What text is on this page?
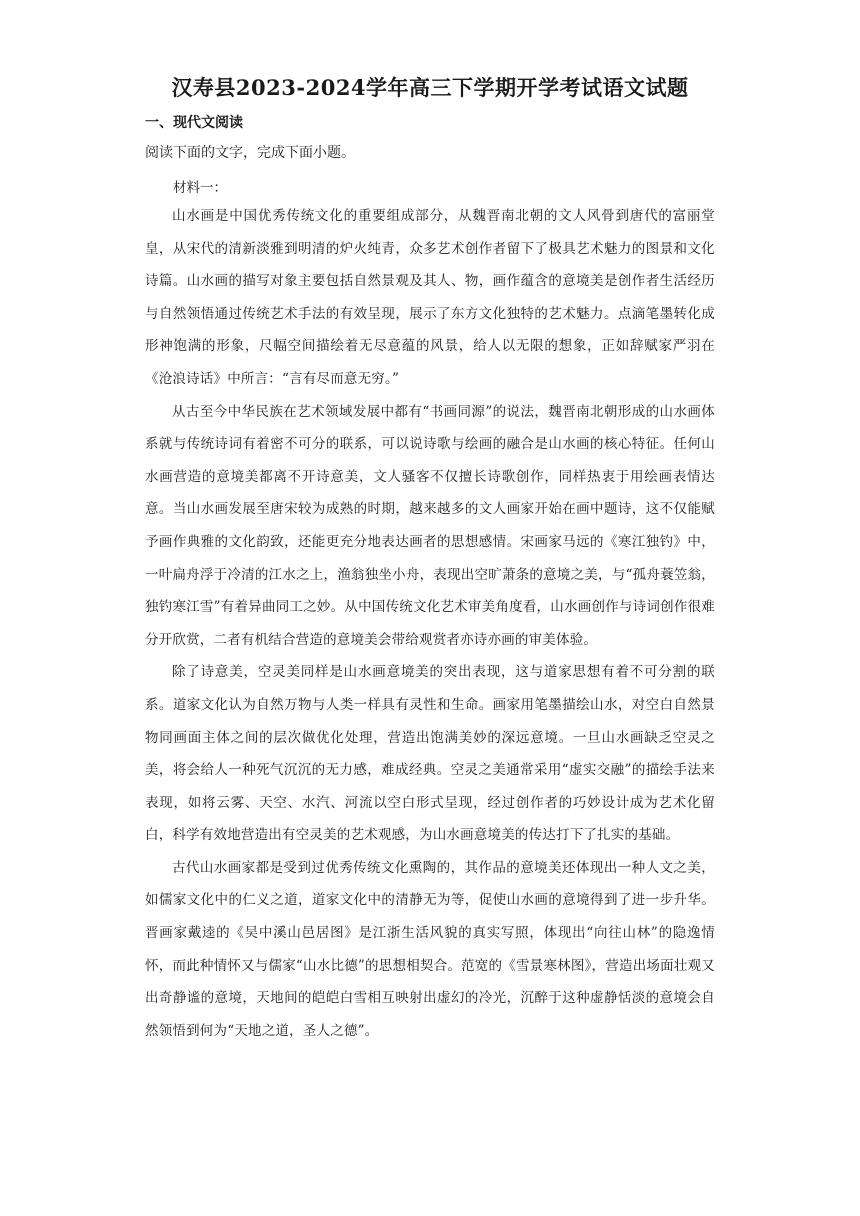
汉寿县2023-2024学年高三下学期开学考试语文试题
一、现代文阅读
阅读下面的文字，完成下面小题。
材料一：

山水画是中国优秀传统文化的重要组成部分，从魏晋南北朝的文人风骨到唐代的富丽堂皇，从宋代的清新淡雅到明清的炉火纯青，众多艺术创作者留下了极具艺术魅力的图景和文化诗篇。山水画的描写对象主要包括自然景观及其人、物，画作蕴含的意境美是创作者生活经历与自然领悟通过传统艺术手法的有效呈现，展示了东方文化独特的艺术魅力。点滴笔墨转化成形神饱满的形象，尺幅空间描绘着无尽意蕴的风景，给人以无限的想象，正如辞赋家严羽在《沧浪诗话》中所言：“言有尽而意无穷。”

从古至今中华民族在艺术领域发展中都有“书画同源”的说法，魏晋南北朝形成的山水画体系就与传统诗词有着密不可分的联系，可以说诗歌与绘画的融合是山水画的核心特征。任何山水画营造的意境美都离不开诗意美，文人骚客不仅擅长诗歌创作，同样热衷于用绘画表情达意。当山水画发展至唐宋较为成熟的时期，越来越多的文人画家开始在画中题诗，这不仅能赋予画作典雅的文化韵致，还能更充分地表达画者的思想感情。宋画家马远的《寒江独钓》中，一叶扁舟浮于冷清的江水之上，渔翁独坐小舟，表现出空旷萧条的意境之美，与“孤舟蓑笠翁，独钓寒江雪”有着异曲同工之妙。从中国传统文化艺术审美角度看，山水画创作与诗词创作很难分开欣赏，二者有机结合营造的意境美会带给观赏者亦诗亦画的审美体验。

除了诗意美，空灵美同样是山水画意境美的突出表现，这与道家思想有着不可分割的联系。道家文化认为自然万物与人类一样具有灵性和生命。画家用笔墨描绘山水，对空白自然景物同画面主体之间的层次做优化处理，营造出饱满美妙的深远意境。一旦山水画缺乏空灵之美，将会给人一种死气沉沉的无力感，难成经典。空灵之美通常采用“虚实交融”的描绘手法来表现，如将云雾、天空、水汽、河流以空白形式呈现，经过创作者的巧妙设计成为艺术化留白，科学有效地营造出有空灵美的艺术观感，为山水画意境美的传达打下了扎实的基础。

古代山水画家都是受到过优秀传统文化熏陶的，其作品的意境美还体现出一种人文之美，如儒家文化中的仁义之道，道家文化中的清静无为等，促使山水画的意境得到了进一步升华。晋画家戴逵的《吴中溪山邑居图》是江浙生活风貌的真实写照，体现出“向往山林”的隐逸情怀，而此种情怀又与儒家“山水比德”的思想相契合。范宽的《雪景寒林图》，营造出场面壮观又出奇静谧的意境，天地间的皑皑白雪相互映射出虚幻的冷光，沉醉于这种虚静恬淡的意境会自然领悟到何为“天地之道，圣人之德”。
